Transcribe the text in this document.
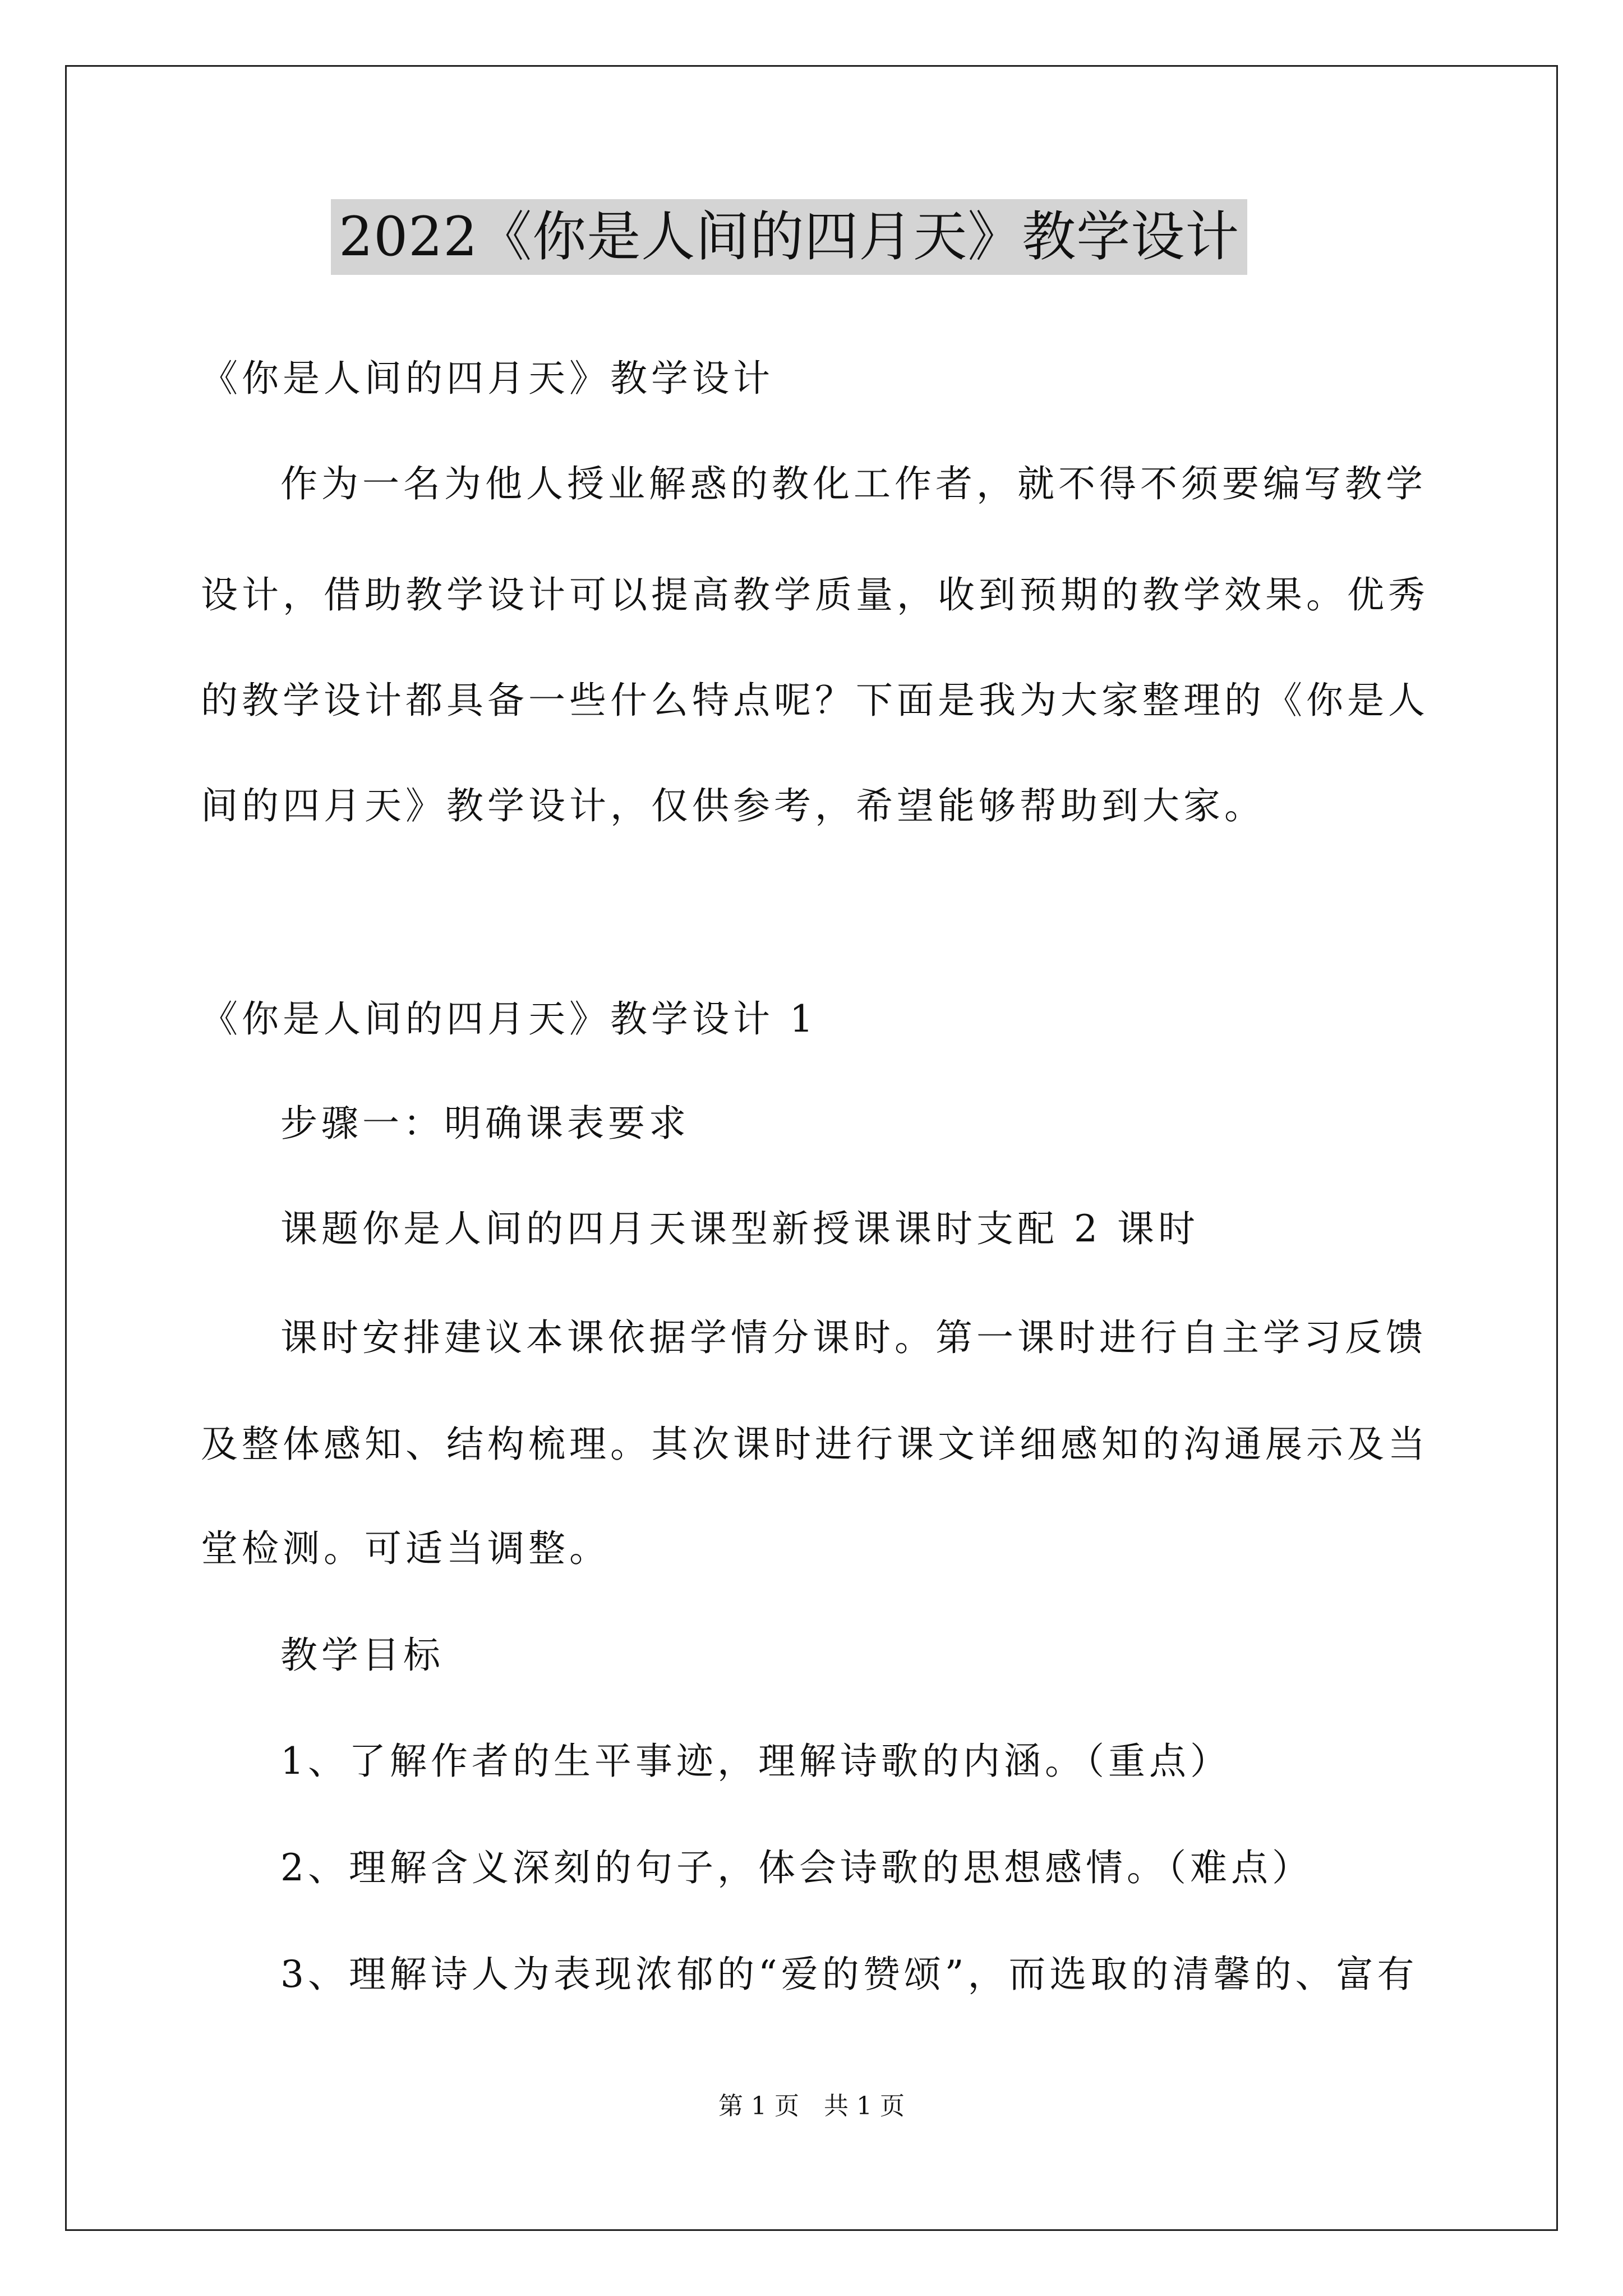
2022《你是人间的四月天》教学设计
《你是人间的四月天》教学设计
作为一名为他人授业解惑的教化工作者，就不得不须要编写教学
设计，借助教学设计可以提高教学质量，收到预期的教学效果。优秀
的教学设计都具备一些什么特点呢？下面是我为大家整理的《你是人
间的四月天》教学设计，仅供参考，希望能够帮助到大家。
《你是人间的四月天》教学设计 1
步骤一：明确课表要求
课题你是人间的四月天课型新授课课时支配 2 课时
课时安排建议本课依据学情分课时。第一课时进行自主学习反馈
及整体感知、结构梳理。其次课时进行课文详细感知的沟通展示及当
堂检测。可适当调整。
教学目标
1、了解作者的生平事迹，理解诗歌的内涵。（重点）
2、理解含义深刻的句子，体会诗歌的思想感情。（难点）
3、理解诗人为表现浓郁的“爱的赞颂”，而选取的清馨的、富有
第 1 页　共 1 页
